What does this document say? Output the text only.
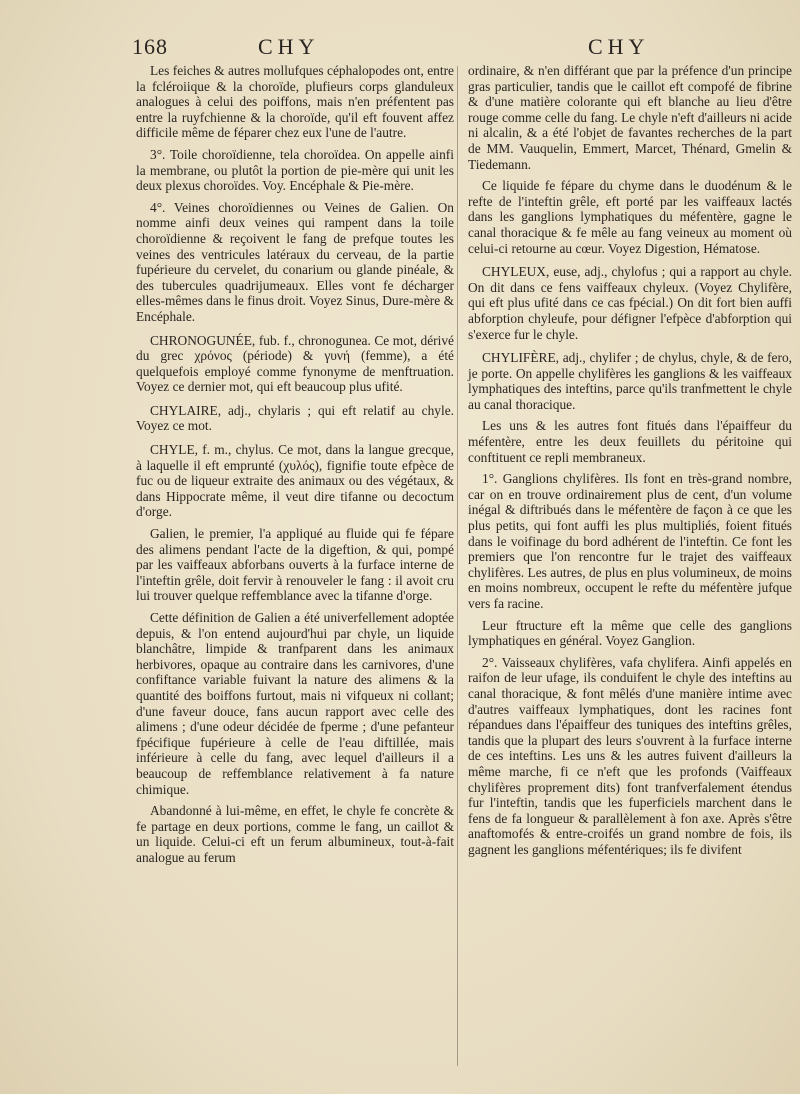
168	CHY	CHY

Les feiches & autres mollufques céphalopodes ont, entre la fcléroiique & la choroïde, plufieurs corps glanduleux analogues à celui des poiffons, mais n'en préfentent pas entre la ruyfchienne & la choroïde, qu'il eft fouvent affez difficile même de féparer chez eux l'une de l'autre.

3°. Toile choroïdienne, tela choroïdea. On appelle ainfi la membrane, ou plutôt la portion de pie-mère qui unit les deux plexus choroïdes. Voy. Encéphale & Pie-mère.

4°. Veines choroïdiennes ou Veines de Galien. On nomme ainfi deux veines qui rampent dans la toile choroïdienne & reçoivent le fang de prefque toutes les veines des ventricules latéraux du cerveau, de la partie fupérieure du cervelet, du conarium ou glande pinéale, & des tubercules quadrijumeaux. Elles vont fe décharger elles-mêmes dans le finus droit. Voyez Sinus, Dure-mère & Encéphale.

CHRONOGUNÉE, fub. f., chronogunea. Ce mot, dérivé du grec χρόνος (période) & γυνή (femme), a été quelquefois employé comme fynonyme de menftruation. Voyez ce dernier mot, qui eft beaucoup plus ufité.

CHYLAIRE, adj., chylaris ; qui eft relatif au chyle. Voyez ce mot.

CHYLE, f. m., chylus. Ce mot, dans la langue grecque, à laquelle il eft emprunté (χυλός), fignifie toute efpèce de fuc ou de liqueur extraite des animaux ou des végétaux, & dans Hippocrate même, il veut dire tifanne ou decoctum d'orge.

Galien, le premier, l'a appliqué au fluide qui fe fépare des alimens pendant l'acte de la digeftion, & qui, pompé par les vaiffeaux abforbans ouverts à la furface interne de l'inteftin grêle, doit fervir à renouveler le fang : il avoit cru lui trouver quelque reffemblance avec la tifanne d'orge.

Cette définition de Galien a été univerfellement adoptée depuis, & l'on entend aujourd'hui par chyle, un liquide blanchâtre, limpide & tranfparent dans les animaux herbivores, opaque au contraire dans les carnivores, d'une confiftance variable fuivant la nature des alimens & la quantité des boiffons furtout, mais ni vifqueux ni collant; d'une faveur douce, fans aucun rapport avec celle des alimens ; d'une odeur décidée de fperme ; d'une pefanteur fpécifique fupérieure à celle de l'eau diftillée, mais inférieure à celle du fang, avec lequel d'ailleurs il a beaucoup de reffemblance relativement à fa nature chimique.

Abandonné à lui-même, en effet, le chyle fe concrète & fe partage en deux portions, comme le fang, un caillot & un liquide. Celui-ci eft un ferum albumineux, tout-à-fait analogue au ferum

ordinaire, & n'en différant que par la préfence d'un principe gras particulier, tandis que le caillot eft compofé de fibrine & d'une matière colorante qui eft blanche au lieu d'être rouge comme celle du fang. Le chyle n'eft d'ailleurs ni acide ni alcalin, & a été l'objet de favantes recherches de la part de MM. Vauquelin, Emmert, Marcet, Thénard, Gmelin & Tiedemann.

Ce liquide fe fépare du chyme dans le duodénum & le refte de l'inteftin grêle, eft porté par les vaiffeaux lactés dans les ganglions lymphatiques du méfentère, gagne le canal thoracique & fe mêle au fang veineux au moment où celui-ci retourne au cœur. Voyez Digestion, Hématose.

CHYLEUX, euse, adj., chylofus ; qui a rapport au chyle. On dit dans ce fens vaiffeaux chyleux. (Voyez Chylifère, qui eft plus ufité dans ce cas fpécial.) On dit fort bien auffi abforption chyleufe, pour défigner l'efpèce d'abforption qui s'exerce fur le chyle.

CHYLIFÈRE, adj., chylifer ; de chylus, chyle, & de fero, je porte. On appelle chylifères les ganglions & les vaiffeaux lymphatiques des inteftins, parce qu'ils tranfmettent le chyle au canal thoracique.

Les uns & les autres font fitués dans l'épaiffeur du méfentère, entre les deux feuillets du péritoine qui conftituent ce repli membraneux.

1°. Ganglions chylifères. Ils font en très-grand nombre, car on en trouve ordinairement plus de cent, d'un volume inégal & diftribués dans le méfentère de façon à ce que les plus petits, qui font auffi les plus multipliés, foient fitués dans le voifinage du bord adhérent de l'inteftin. Ce font les premiers que l'on rencontre fur le trajet des vaiffeaux chylifères. Les autres, de plus en plus volumineux, de moins en moins nombreux, occupent le refte du méfentère jufque vers fa racine.

Leur ftructure eft la même que celle des ganglions lymphatiques en général. Voyez Ganglion.

2°. Vaisseaux chylifères, vafa chylifera. Ainfi appelés en raifon de leur ufage, ils conduifent le chyle des inteftins au canal thoracique, & font mêlés d'une manière intime avec d'autres vaiffeaux lymphatiques, dont les racines font répandues dans l'épaiffeur des tuniques des inteftins grêles, tandis que la plupart des leurs s'ouvrent à la furface interne de ces inteftins. Les uns & les autres fuivent d'ailleurs la même marche, fi ce n'eft que les profonds (Vaiffeaux chylifères proprement dits) font tranfverfalement étendus fur l'inteftin, tandis que les fuperficiels marchent dans le fens de fa longueur & parallèlement à fon axe. Après s'être anaftomofés & entre-croifés un grand nombre de fois, ils gagnent les ganglions méfentériques; ils fe divifent
